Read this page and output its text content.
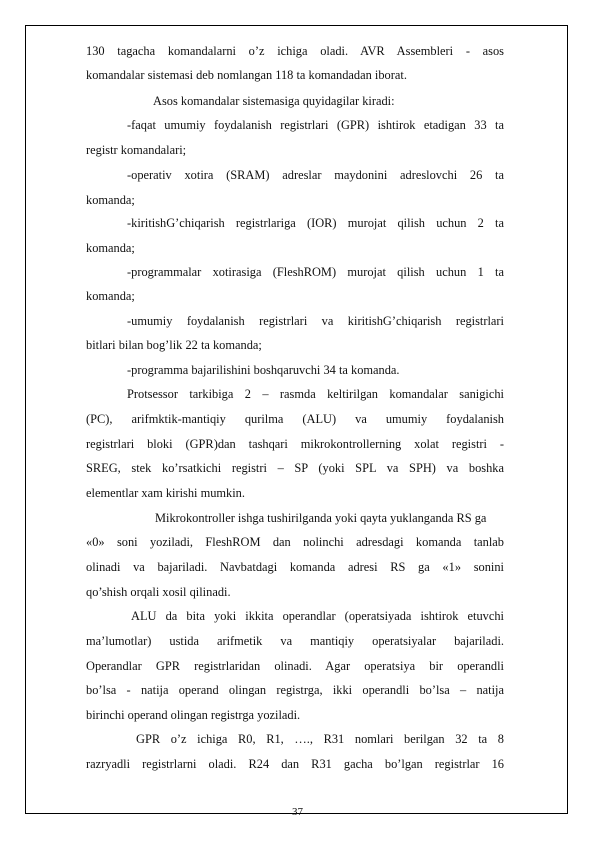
130 tagacha komandalarni o’z ichiga oladi. AVR Assembleri - asos
komandalar sistemasi deb nomlangan 118 ta komandadan iborat.
Asos komandalar sistemasiga quyidagilar kiradi:
-faqat umumiy foydalanish registrlari (GPR) ishtirok etadigan 33 ta
registr komandalari;
-operativ xotira (SRAM) adreslar maydonini adreslovchi 26 ta
komanda;
-kiritishG’chiqarish registrlariga (IOR) murojat qilish uchun 2 ta
komanda;
-programmalar xotirasiga (FleshROM) murojat qilish uchun 1 ta
komanda;
-umumiy foydalanish registrlari va kiritishG’chiqarish registrlari
bitlari bilan bog’lik 22 ta komanda;
-programma bajarilishini boshqaruvchi 34 ta komanda.
Protsessor tarkibiga 2 – rasmda keltirilgan komandalar sanigichi
(PC), arifmktik-mantiqiy qurilma (ALU) va umumiy foydalanish
registrlari bloki (GPR)dan tashqari mikrokontrollerning xolat registri -
SREG, stek ko’rsatkichi registri – SP (yoki SPL va SPH) va boshka
elementlar xam kirishi mumkin.
Mikrokontroller ishga tushirilganda yoki qayta yuklanganda RS ga
«0» soni yoziladi, FleshROM dan nolinchi adresdagi komanda tanlab
olinadi va bajariladi. Navbatdagi komanda adresi RS ga «1» sonini
qo’shish orqali xosil qilinadi.
ALU da bita yoki ikkita operandlar (operatsiyada ishtirok etuvchi
ma’lumotlar) ustida arifmetik va mantiqiy operatsiyalar bajariladi.
Operandlar GPR registrlaridan olinadi. Agar operatsiya bir operandli
bo’lsa - natija operand olingan registrga, ikki operandli bo’lsa – natija
birinchi operand olingan registrga yoziladi.
GPR o’z ichiga R0, R1, …., R31 nomlari berilgan 32 ta 8
razryadli registrlarni oladi. R24 dan R31 gacha bo’lgan registrlar 16
37
